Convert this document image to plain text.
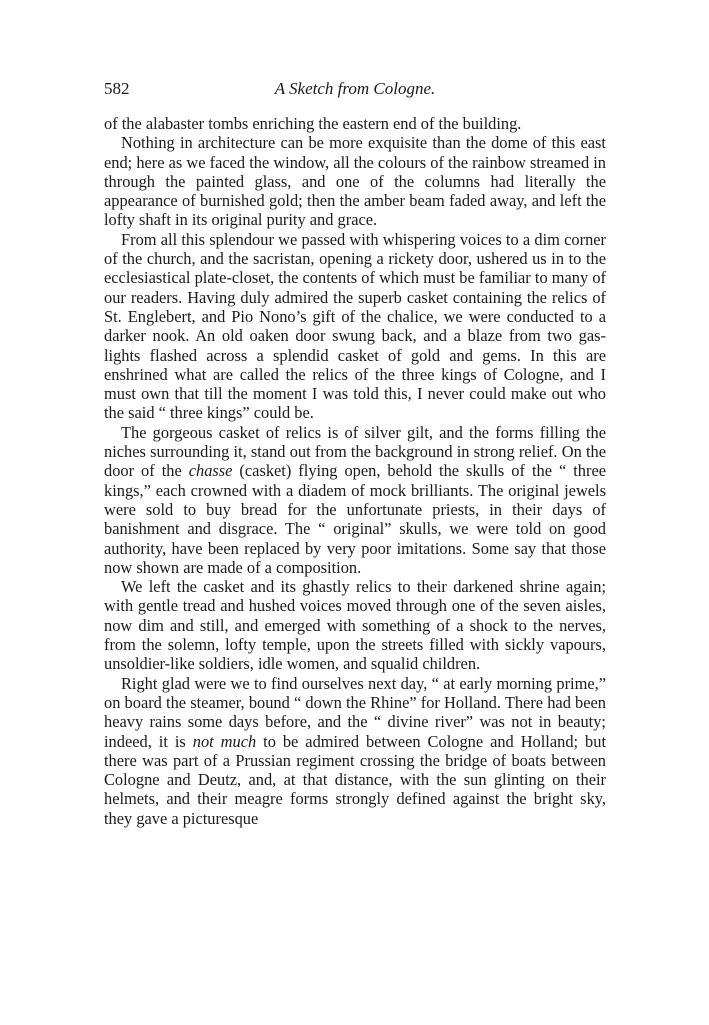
582	A Sketch from Cologne.

of the alabaster tombs enriching the eastern end of the building.

Nothing in architecture can be more exquisite than the dome of this east end; here as we faced the window, all the colours of the rainbow streamed in through the painted glass, and one of the columns had literally the appearance of burnished gold; then the amber beam faded away, and left the lofty shaft in its original purity and grace.

From all this splendour we passed with whispering voices to a dim corner of the church, and the sacristan, opening a rickety door, ushered us in to the ecclesiastical plate-closet, the contents of which must be familiar to many of our readers. Having duly admired the superb casket containing the relics of St. Englebert, and Pio Nono’s gift of the chalice, we were conducted to a darker nook. An old oaken door swung back, and a blaze from two gas-lights flashed across a splendid casket of gold and gems. In this are enshrined what are called the relics of the three kings of Cologne, and I must own that till the moment I was told this, I never could make out who the said “ three kings” could be.

The gorgeous casket of relics is of silver gilt, and the forms filling the niches surrounding it, stand out from the background in strong relief. On the door of the chasse (casket) flying open, behold the skulls of the “ three kings,” each crowned with a diadem of mock brilliants. The original jewels were sold to buy bread for the unfortunate priests, in their days of banishment and disgrace. The “ original” skulls, we were told on good authority, have been replaced by very poor imitations. Some say that those now shown are made of a composition.

We left the casket and its ghastly relics to their darkened shrine again; with gentle tread and hushed voices moved through one of the seven aisles, now dim and still, and emerged with something of a shock to the nerves, from the solemn, lofty temple, upon the streets filled with sickly vapours, unsoldier-like soldiers, idle women, and squalid children.

Right glad were we to find ourselves next day, “ at early morning prime,” on board the steamer, bound “ down the Rhine” for Holland. There had been heavy rains some days before, and the “ divine river” was not in beauty; indeed, it is not much to be admired between Cologne and Holland; but there was part of a Prussian regiment crossing the bridge of boats between Cologne and Deutz, and, at that distance, with the sun glinting on their helmets, and their meagre forms strongly defined against the bright sky, they gave a picturesque
